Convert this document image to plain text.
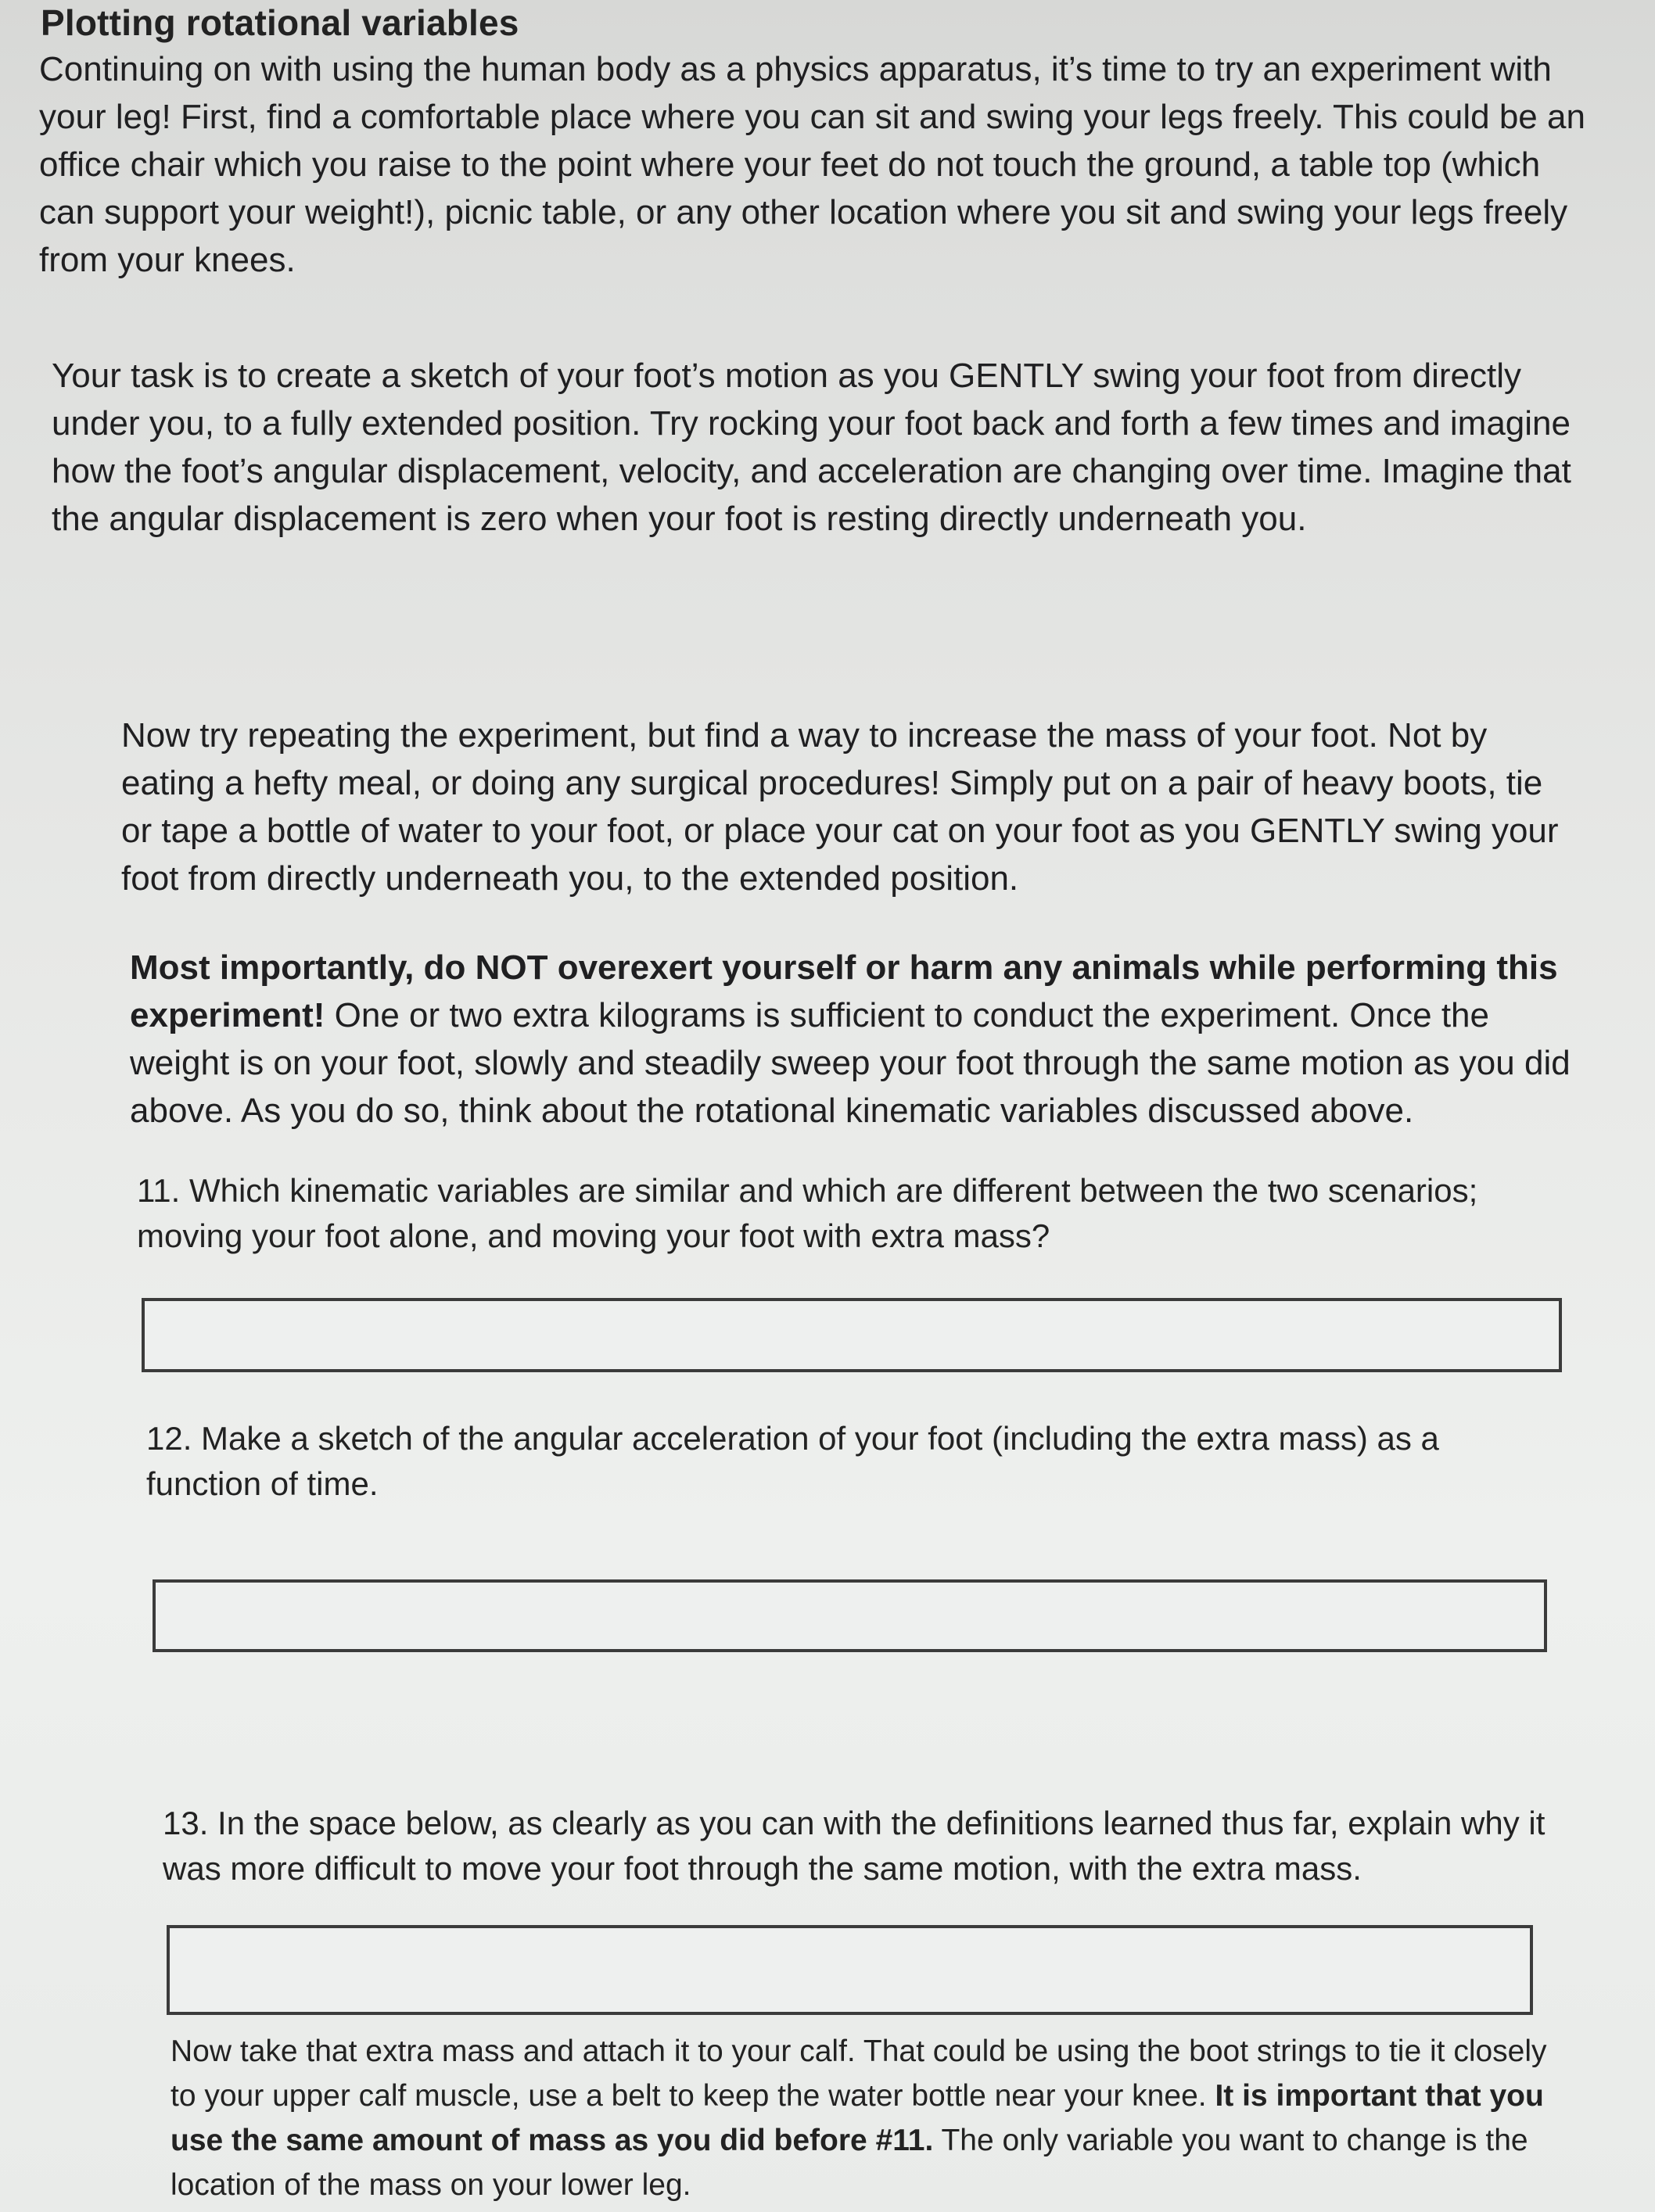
Plotting rotational variables

Continuing on with using the human body as a physics apparatus, it’s time to try an experiment with your leg! First, find a comfortable place where you can sit and swing your legs freely. This could be an office chair which you raise to the point where your feet do not touch the ground, a table top (which can support your weight!), picnic table, or any other location where you sit and swing your legs freely from your knees.

Your task is to create a sketch of your foot’s motion as you GENTLY swing your foot from directly under you, to a fully extended position. Try rocking your foot back and forth a few times and imagine how the foot’s angular displacement, velocity, and acceleration are changing over time. Imagine that the angular displacement is zero when your foot is resting directly underneath you.

Now try repeating the experiment, but find a way to increase the mass of your foot. Not by eating a hefty meal, or doing any surgical procedures! Simply put on a pair of heavy boots, tie or tape a bottle of water to your foot, or place your cat on your foot as you GENTLY swing your foot from directly underneath you, to the extended position.

Most importantly, do NOT overexert yourself or harm any animals while performing this experiment! One or two extra kilograms is sufficient to conduct the experiment. Once the weight is on your foot, slowly and steadily sweep your foot through the same motion as you did above. As you do so, think about the rotational kinematic variables discussed above.

11. Which kinematic variables are similar and which are different between the two scenarios; moving your foot alone, and moving your foot with extra mass?

12. Make a sketch of the angular acceleration of your foot (including the extra mass) as a function of time.

13. In the space below, as clearly as you can with the definitions learned thus far, explain why it was more difficult to move your foot through the same motion, with the extra mass.

Now take that extra mass and attach it to your calf. That could be using the boot strings to tie it closely to your upper calf muscle, use a belt to keep the water bottle near your knee. It is important that you use the same amount of mass as you did before #11. The only variable you want to change is the location of the mass on your lower leg.
